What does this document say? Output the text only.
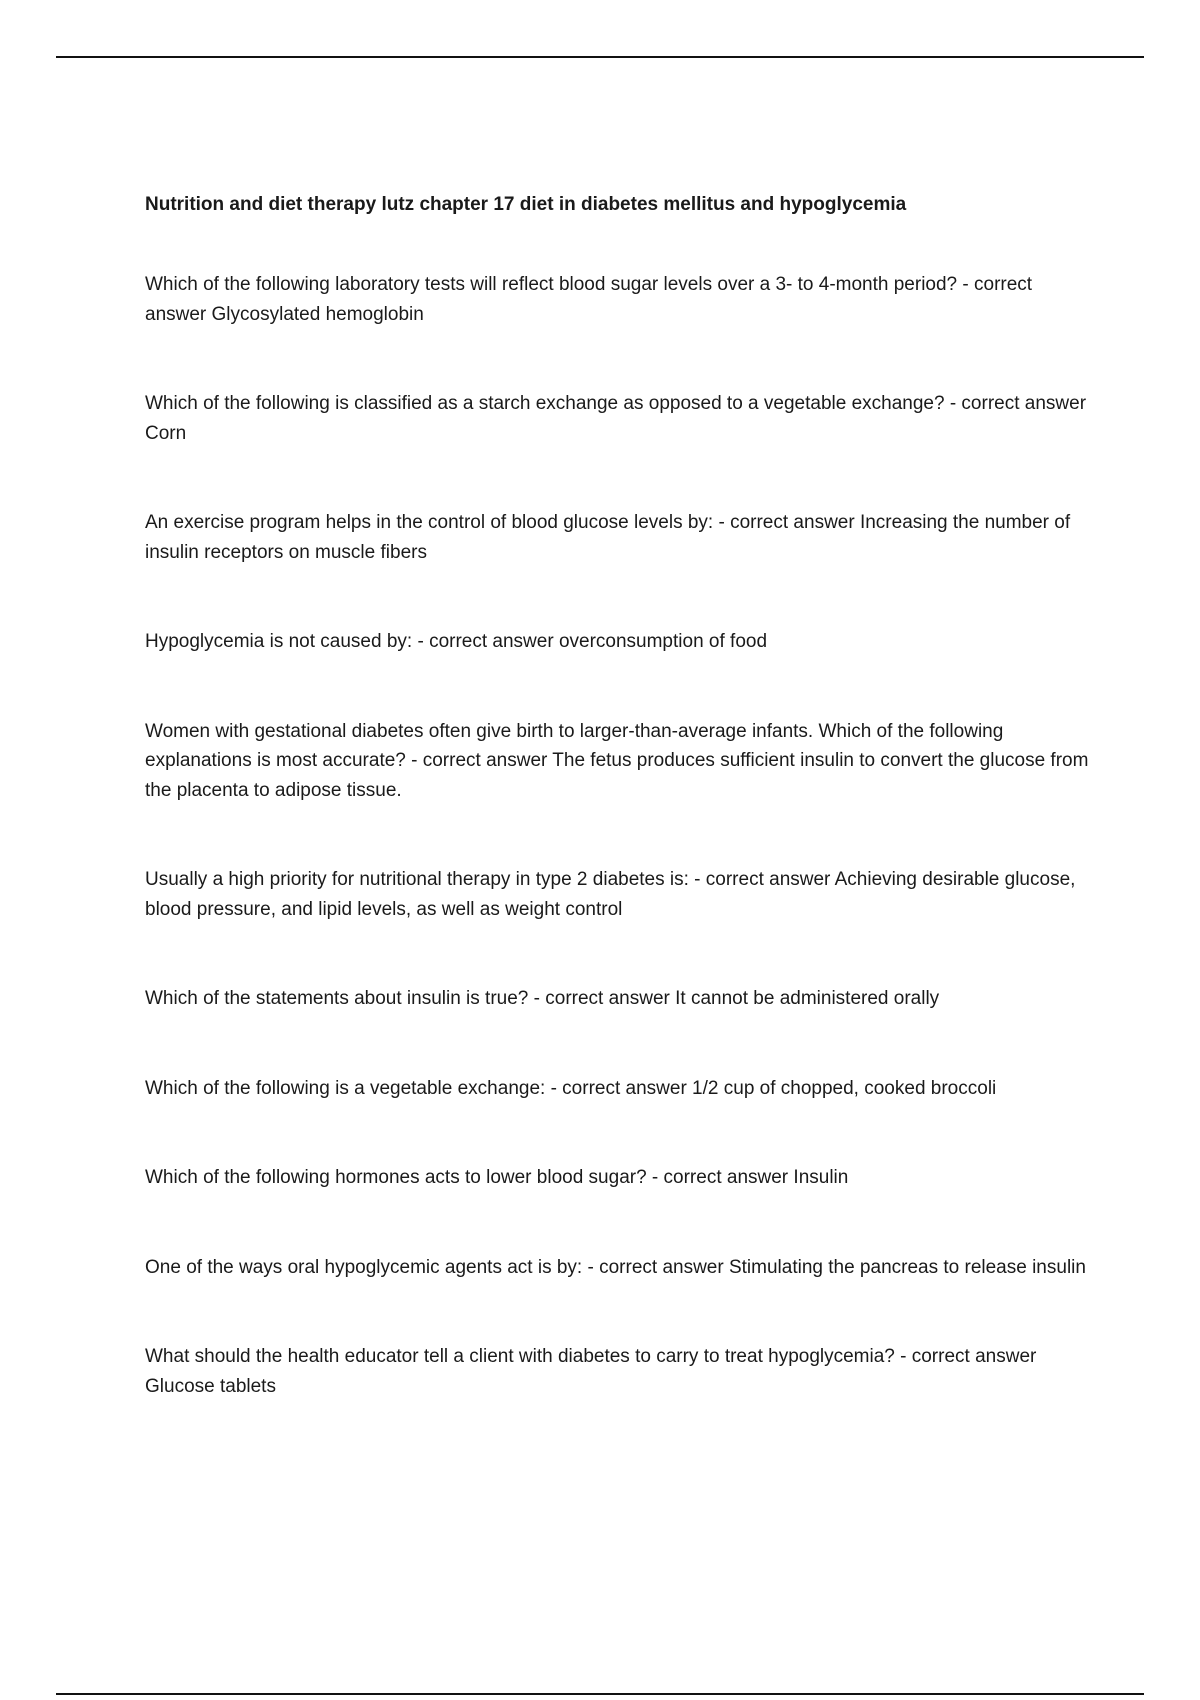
Nutrition and diet therapy lutz chapter 17 diet in diabetes mellitus and hypoglycemia
Which of the following laboratory tests will reflect blood sugar levels over a 3- to 4-month period? - correct answer Glycosylated hemoglobin
Which of the following is classified as a starch exchange as opposed to a vegetable exchange? - correct answer Corn
An exercise program helps in the control of blood glucose levels by: - correct answer Increasing the number of insulin receptors on muscle fibers
Hypoglycemia is not caused by: - correct answer overconsumption of food
Women with gestational diabetes often give birth to larger-than-average infants. Which of the following explanations is most accurate? - correct answer The fetus produces sufficient insulin to convert the glucose from the placenta to adipose tissue.
Usually a high priority for nutritional therapy in type 2 diabetes is: - correct answer Achieving desirable glucose, blood pressure, and lipid levels, as well as weight control
Which of the statements about insulin is true? - correct answer It cannot be administered orally
Which of the following is a vegetable exchange: - correct answer 1/2 cup of chopped, cooked broccoli
Which of the following hormones acts to lower blood sugar? - correct answer Insulin
One of the ways oral hypoglycemic agents act is by: - correct answer Stimulating the pancreas to release insulin
What should the health educator tell a client with diabetes to carry to treat hypoglycemia? - correct answer Glucose tablets
